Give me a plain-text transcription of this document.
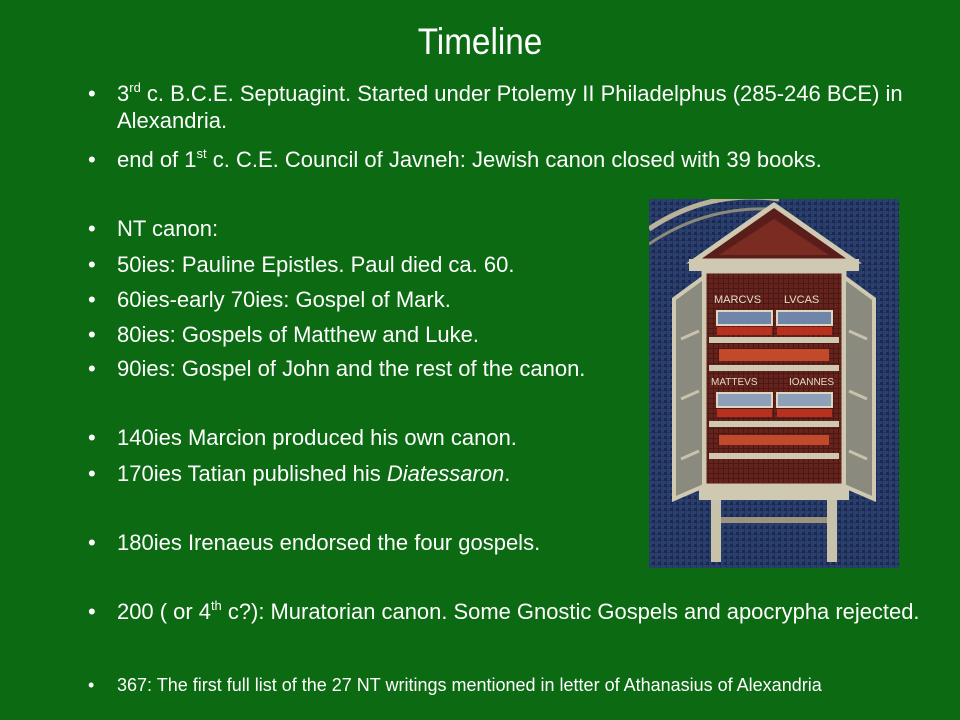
Timeline
• 3rd c. B.C.E. Septuagint. Started under Ptolemy II Philadelphus (285-246 BCE) in Alexandria.
• end of 1st c. C.E. Council of Javneh: Jewish canon closed with 39 books.
• NT canon:
• 50ies: Pauline Epistles. Paul died ca. 60.
• 60ies-early 70ies: Gospel of Mark.
• 80ies: Gospels of Matthew and Luke.
• 90ies: Gospel of John and the rest of the canon.
• 140ies Marcion produced his own canon.
• 170ies Tatian published his Diatessaron.
• 180ies Irenaeus endorsed the four gospels.
• 200 ( or 4th c?): Muratorian canon. Some Gnostic Gospels and apocrypha rejected.
• 367: The first full list of the 27 NT writings mentioned in letter of Athanasius of Alexandria
MARCVS LVCAS
MATTEVS	IOANNES
